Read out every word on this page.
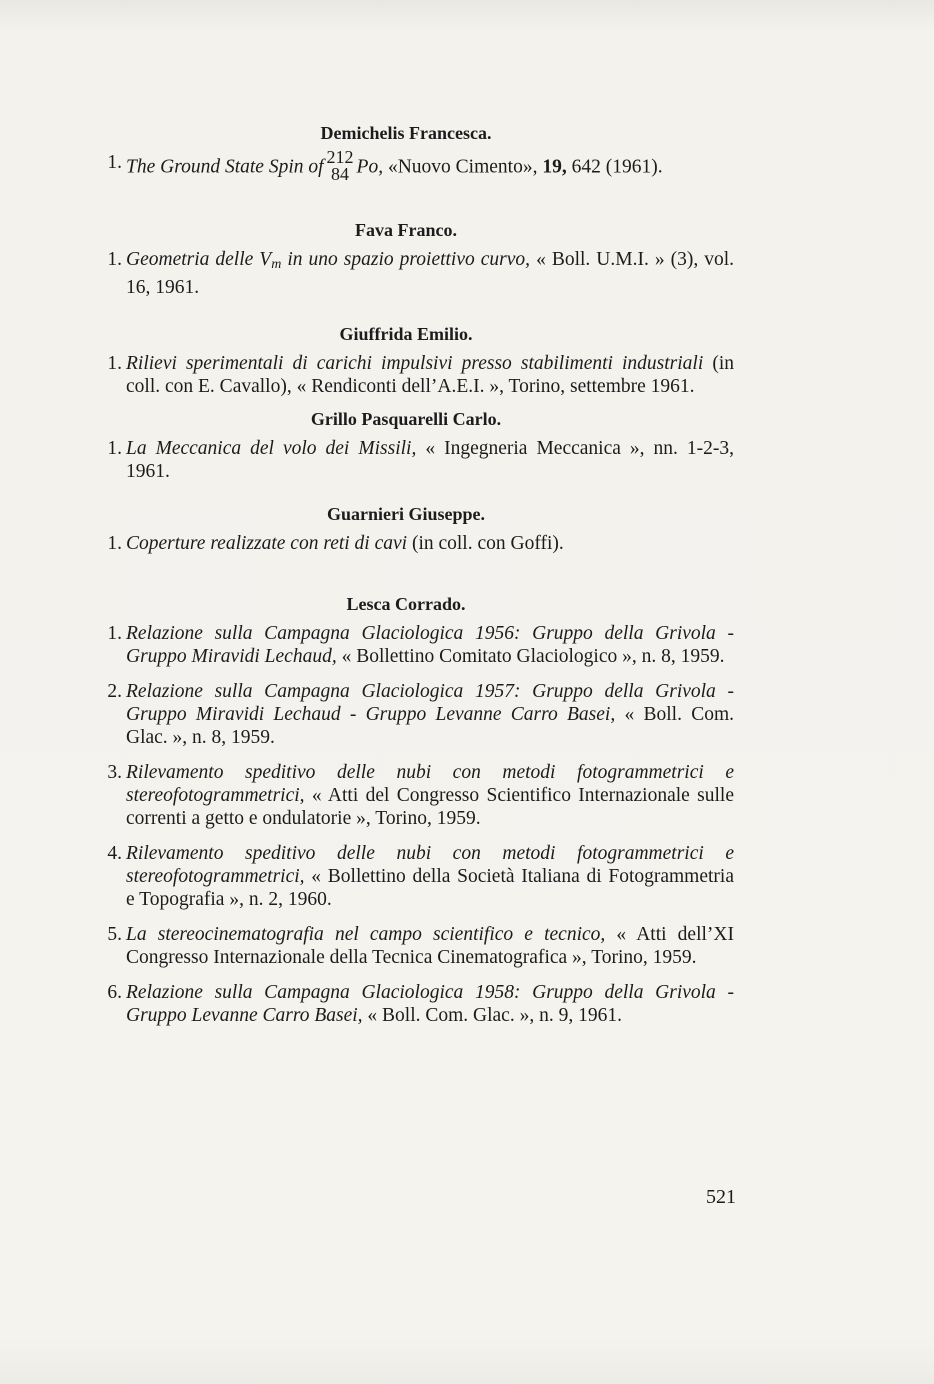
Demichelis Francesca.
1. The Ground State Spin of 212
84 Po, «Nuovo Cimento», 19, 642 (1961).
Fava Franco.
1. Geometria delle $V_m$ in uno spazio proiettivo curvo, « Boll. U.M.I. » (3), vol. 16, 1961.
Giuffrida Emilio.
1. Rilievi sperimentali di carichi impulsivi presso stabilimenti industriali (in coll. con E. Cavallo), « Rendiconti dell’A.E.I. », Torino, settembre 1961.
Grillo Pasquarelli Carlo.
1. La Meccanica del volo dei Missili, « Ingegneria Meccanica », nn. 1-2-3, 1961.
Guarnieri Giuseppe.
1. Coperture realizzate con reti di cavi (in coll. con Goffi).
Lesca Corrado.
1. Relazione sulla Campagna Glaciologica 1956: Gruppo della Grivola - Gruppo Miravidi Lechaud, « Bollettino Comitato Glaciologico », n. 8, 1959.
2. Relazione sulla Campagna Glaciologica 1957: Gruppo della Grivola - Gruppo Miravidi Lechaud - Gruppo Levanne Carro Basei, « Boll. Com. Glac. », n. 8, 1959.
3. Rilevamento speditivo delle nubi con metodi fotogrammetrici e stereofotogrammetrici, « Atti del Congresso Scientifico Internazionale sulle correnti a getto e ondulatorie », Torino, 1959.
4. Rilevamento speditivo delle nubi con metodi fotogrammetrici e stereofotogrammetrici, « Bollettino della Società Italiana di Fotogrammetria e Topografia », n. 2, 1960.
5. La stereocinematografia nel campo scientifico e tecnico, « Atti dell’XI Congresso Internazionale della Tecnica Cinematografica », Torino, 1959.
6. Relazione sulla Campagna Glaciologica 1958: Gruppo della Grivola - Gruppo Levanne Carro Basei, « Boll. Com. Glac. », n. 9, 1961.
521
